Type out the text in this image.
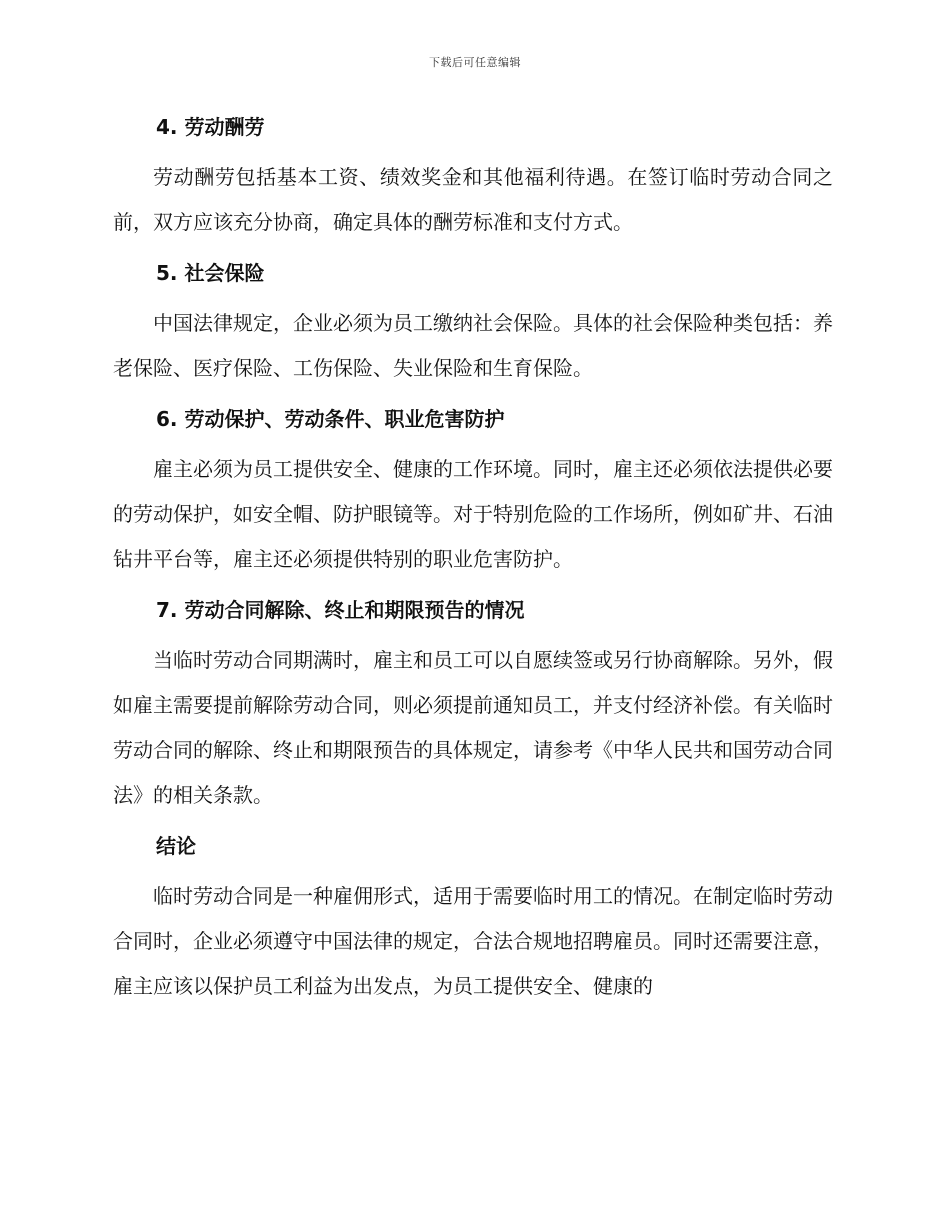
下载后可任意编辑
4. 劳动酬劳

劳动酬劳包括基本工资、绩效奖金和其他福利待遇。在签订临时劳动合同之前，双方应该充分协商，确定具体的酬劳标准和支付方式。

5. 社会保险

中国法律规定，企业必须为员工缴纳社会保险。具体的社会保险种类包括：养老保险、医疗保险、工伤保险、失业保险和生育保险。

6. 劳动保护、劳动条件、职业危害防护

雇主必须为员工提供安全、健康的工作环境。同时，雇主还必须依法提供必要的劳动保护，如安全帽、防护眼镜等。对于特别危险的工作场所，例如矿井、石油钻井平台等，雇主还必须提供特别的职业危害防护。

7. 劳动合同解除、终止和期限预告的情况

当临时劳动合同期满时，雇主和员工可以自愿续签或另行协商解除。另外，假如雇主需要提前解除劳动合同，则必须提前通知员工，并支付经济补偿。有关临时劳动合同的解除、终止和期限预告的具体规定，请参考《中华人民共和国劳动合同法》的相关条款。

结论

临时劳动合同是一种雇佣形式，适用于需要临时用工的情况。在制定临时劳动合同时，企业必须遵守中国法律的规定，合法合规地招聘雇员。同时还需要注意，雇主应该以保护员工利益为出发点，为员工提供安全、健康的
